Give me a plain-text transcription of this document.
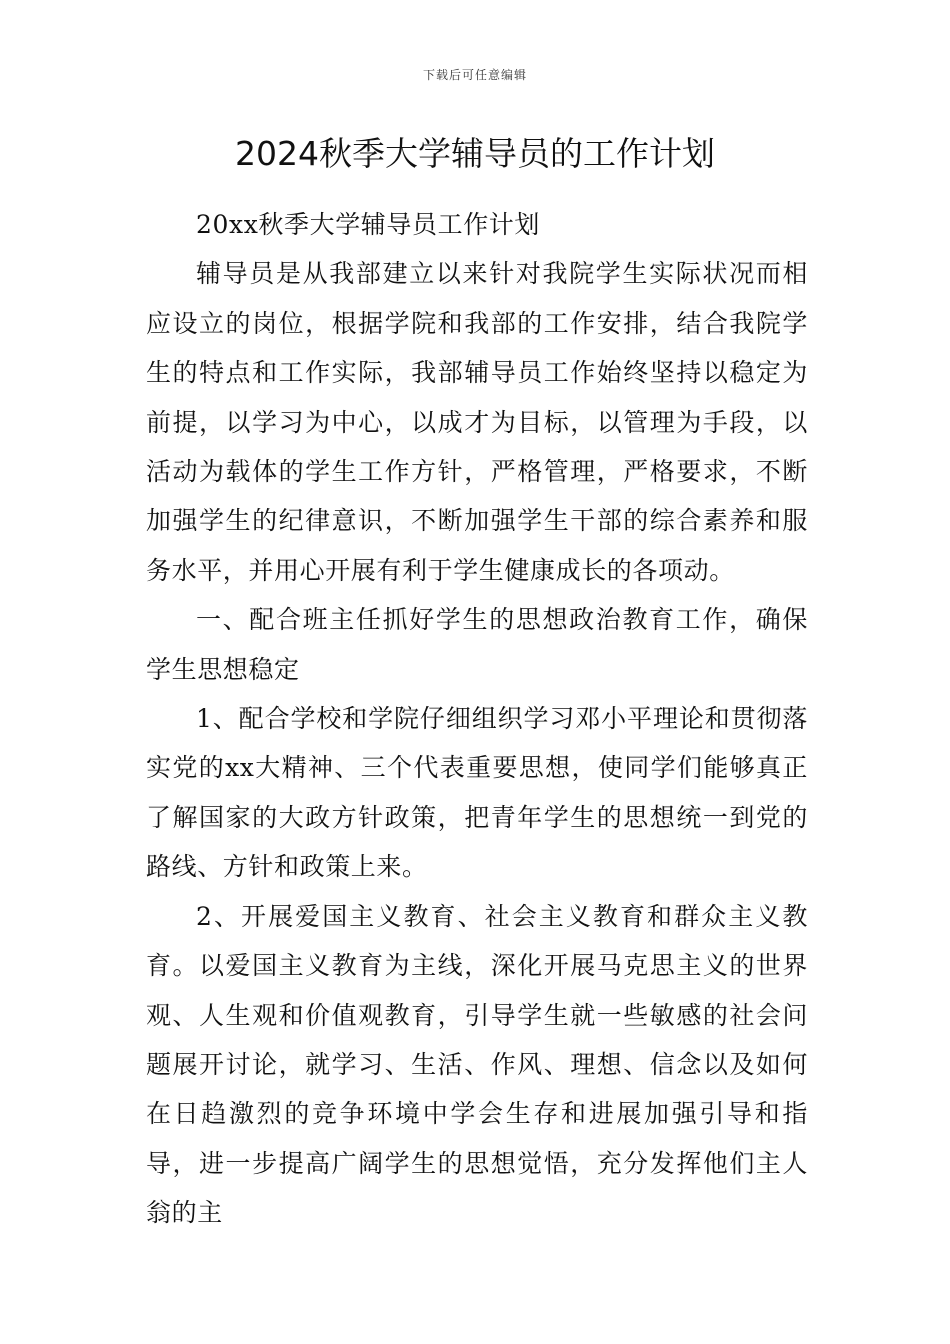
下载后可任意编辑
2024秋季大学辅导员的工作计划

20xx秋季大学辅导员工作计划

辅导员是从我部建立以来针对我院学生实际状况而相应设立的岗位，根据学院和我部的工作安排，结合我院学生的特点和工作实际，我部辅导员工作始终坚持以稳定为前提，以学习为中心，以成才为目标，以管理为手段，以活动为载体的学生工作方针，严格管理，严格要求，不断加强学生的纪律意识，不断加强学生干部的综合素养和服务水平，并用心开展有利于学生健康成长的各项动。

一、配合班主任抓好学生的思想政治教育工作，确保学生思想稳定

1、配合学校和学院仔细组织学习邓小平理论和贯彻落实党的xx大精神、三个代表重要思想，使同学们能够真正了解国家的大政方针政策，把青年学生的思想统一到党的路线、方针和政策上来。

2、开展爱国主义教育、社会主义教育和群众主义教育。以爱国主义教育为主线，深化开展马克思主义的世界观、人生观和价值观教育，引导学生就一些敏感的社会问题展开讨论，就学习、生活、作风、理想、信念以及如何在日趋激烈的竞争环境中学会生存和进展加强引导和指导，进一步提高广阔学生的思想觉悟，充分发挥他们主人翁的主
